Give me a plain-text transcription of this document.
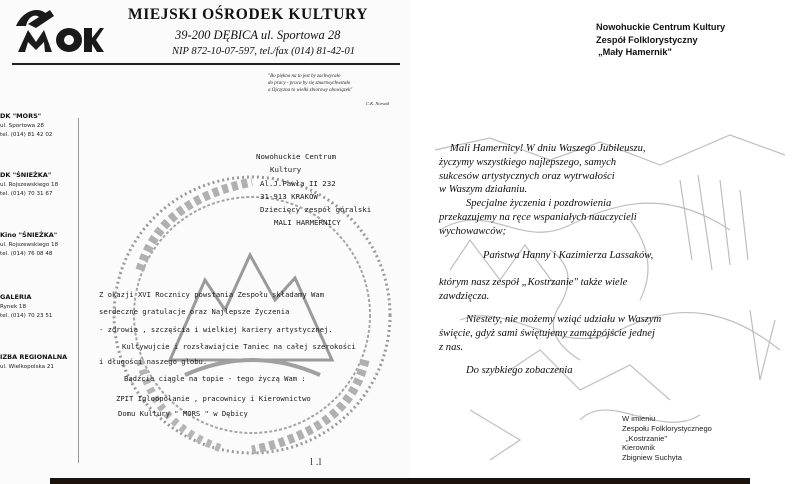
MIEJSKI OŚRODEK KULTURY
39-200 DĘBICA ul. Sportowa 28
NIP 872-10-07-597, tel./fax (014) 81-42-01
"Bo piękno na to jest by zachwycało
do pracy - praca by się zmartwychwstało
a Ojczyzna to wielki zbiorowy obowiązek"
C.K. Norwid
DK "MORS"
ul. Sportowa 28
tel. (014) 81 42 02
DK "ŚNIEŻKA"
ul. Rojszewskiego 18
tel. (014) 70 31 67
Kino "ŚNIEŻKA"
ul. Rojszewskiego 18
tel. (014) 76 08 48
GALERIA
Rynek 18
tel. (014) 70 23 51
IZBA REGIONALNA
ul. Wielkopolska 21
Nowohuckie Centrum
Kultury
Al.J.Pawła II 232
31-913 KRAKÓW
Dziecięcy zespół góralski
MALI HARMERNICY
Z okazji XVI Rocznicy powstania Zespołu składamy Wam
serdeczne gratulacje oraz Najlepsze Życzenia
- zdrowia , szczęścia i wielkiej kariery artystycznej.
Kultywujcie i rozsławiajcie Taniec na całej szerokości
i długości naszego globu.
Bądźcie ciągle na topie - tego życzą Wam :
ZPIT Igloopolanie , pracownicy i Kierownictwo
Domu Kultury " MORS " w Dębicy
l .l
Nowohuckie Centrum Kultury
Zespół Folklorystyczny
„Mały Hamernik"
Mali Hamernicy! W dniu Waszego Jubileuszu,
życzymy wszystkiego najlepszego, samych
sukcesów artystycznych oraz wytrwałości
w Waszym działaniu.
Specjalne życzenia i pozdrowienia
przekazujemy na ręce wspaniałych nauczycieli
wychowawców;
Państwa Hanny i Kazimierza Lassaków,
którym nasz zespół „Kostrzanie" także wiele
zawdzięcza.
Niestety, nie możemy wziąć udziału w Waszym
święcie, gdyż sami świętujemy zamążpójście jednej
z nas.
Do szybkiego zobaczenia
W imieniu
Zespołu Folklorystycznego
„Kostrzanie"
Kierownik
Zbigniew Suchyta
